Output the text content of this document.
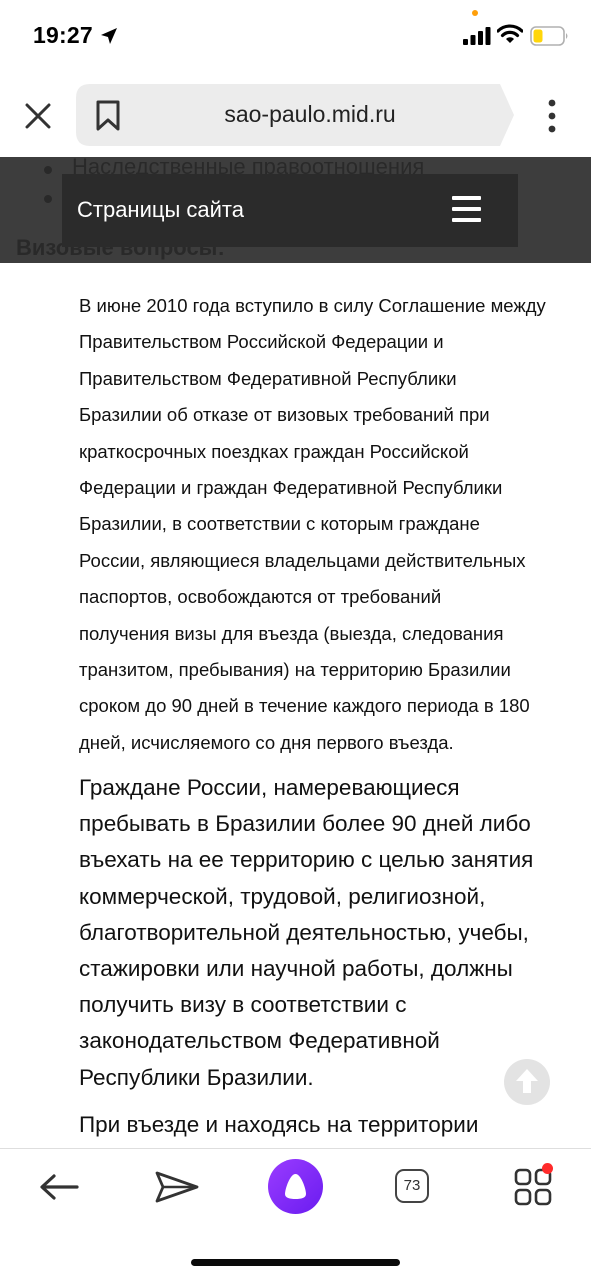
19:27
sao-paulo.mid.ru
Страницы сайта
В июне 2010 года вступило в силу Соглашение между
Правительством Российской Федерации и
Правительством Федеративной Республики
Бразилии об отказе от визовых требований при
краткосрочных поездках граждан Российской
Федерации и граждан Федеративной Республики
Бразилии, в соответствии с которым граждане
России, являющиеся владельцами действительных
паспортов, освобождаются от требований
получения визы для въезда (выезда, следования
транзитом, пребывания) на территорию Бразилии
сроком до 90 дней в течение каждого периода в 180
дней, исчисляемого со дня первого въезда.
Граждане России, намеревающиеся
пребывать в Бразилии более 90 дней либо
въехать на ее территорию с целью занятия
коммерческой, трудовой, религиозной,
благотворительной деятельностью, учебы,
стажировки или научной работы, должны
получить визу в соответствии с
законодательством Федеративной
Республики Бразилии.
При въезде и находясь на территории
73
